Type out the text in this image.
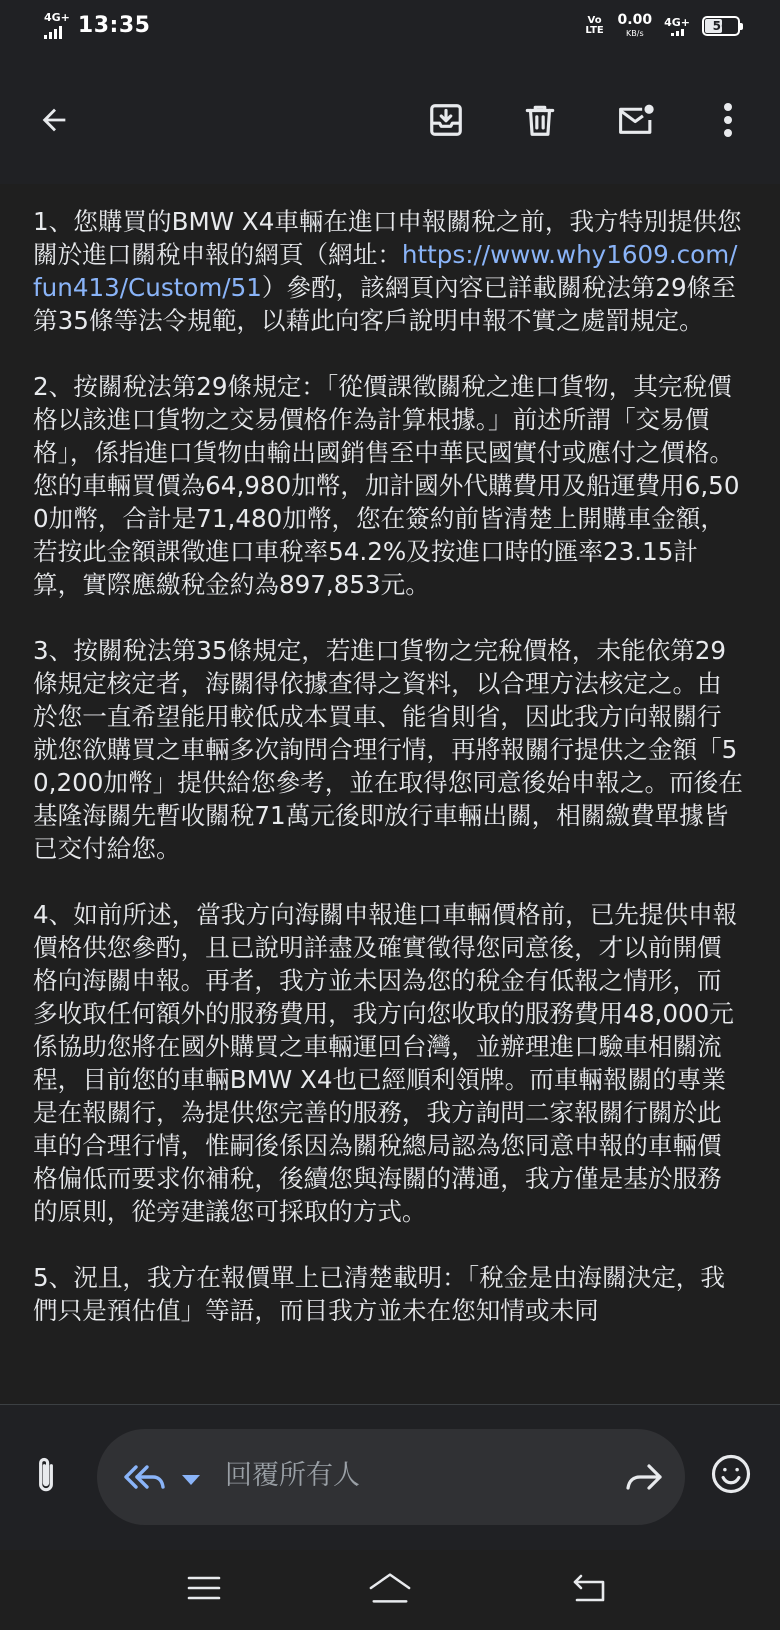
4G+ 13:35	Vo LTE
0.00
KB/s
4G+ 56

1、您購買的BMW X4車輛在進口申報關稅之前，我方特別提供您關於進口關稅申報的網頁（網址：https://www.why1609.com/fun413/Custom/51）參酌，該網頁內容已詳載關稅法第29條至第35條等法令規範，以藉此向客戶說明申報不實之處罰規定。

2、按關稅法第29條規定：「從價課徵關稅之進口貨物，其完稅價格以該進口貨物之交易價格作為計算根據。」前述所謂「交易價格」，係指進口貨物由輸出國銷售至中華民國實付或應付之價格。您的車輛買價為64,980加幣，加計國外代購費用及船運費用6,500加幣，合計是71,480加幣，您在簽約前皆清楚上開購車金額，若按此金額課徵進口車稅率54.2%及按進口時的匯率23.15計算，實際應繳稅金約為897,853元。

3、按關稅法第35條規定，若進口貨物之完稅價格，未能依第29條規定核定者，海關得依據查得之資料，以合理方法核定之。由於您一直希望能用較低成本買車、能省則省，因此我方向報關行就您欲購買之車輛多次詢問合理行情，再將報關行提供之金額「50,200加幣」提供給您參考，並在取得您同意後始申報之。而後在基隆海關先暫收關稅71萬元後即放行車輛出關，相關繳費單據皆已交付給您。

4、如前所述，當我方向海關申報進口車輛價格前，已先提供申報價格供您參酌，且已說明詳盡及確實徵得您同意後，才以前開價格向海關申報。再者，我方並未因為您的稅金有低報之情形，而多收取任何額外的服務費用，我方向您收取的服務費用48,000元係協助您將在國外購買之車輛運回台灣，並辦理進口驗車相關流程，目前您的車輛BMW X4也已經順利領牌。而車輛報關的專業是在報關行，為提供您完善的服務，我方詢問二家報關行關於此車的合理行情，惟嗣後係因為關稅總局認為您同意申報的車輛價格偏低而要求你補稅，後續您與海關的溝通，我方僅是基於服務的原則，從旁建議您可採取的方式。

5、況且，我方在報價單上已清楚載明：「稅金是由海關決定，我們只是預估值」等語，而目我方並未在您知情或未同

回覆所有人
